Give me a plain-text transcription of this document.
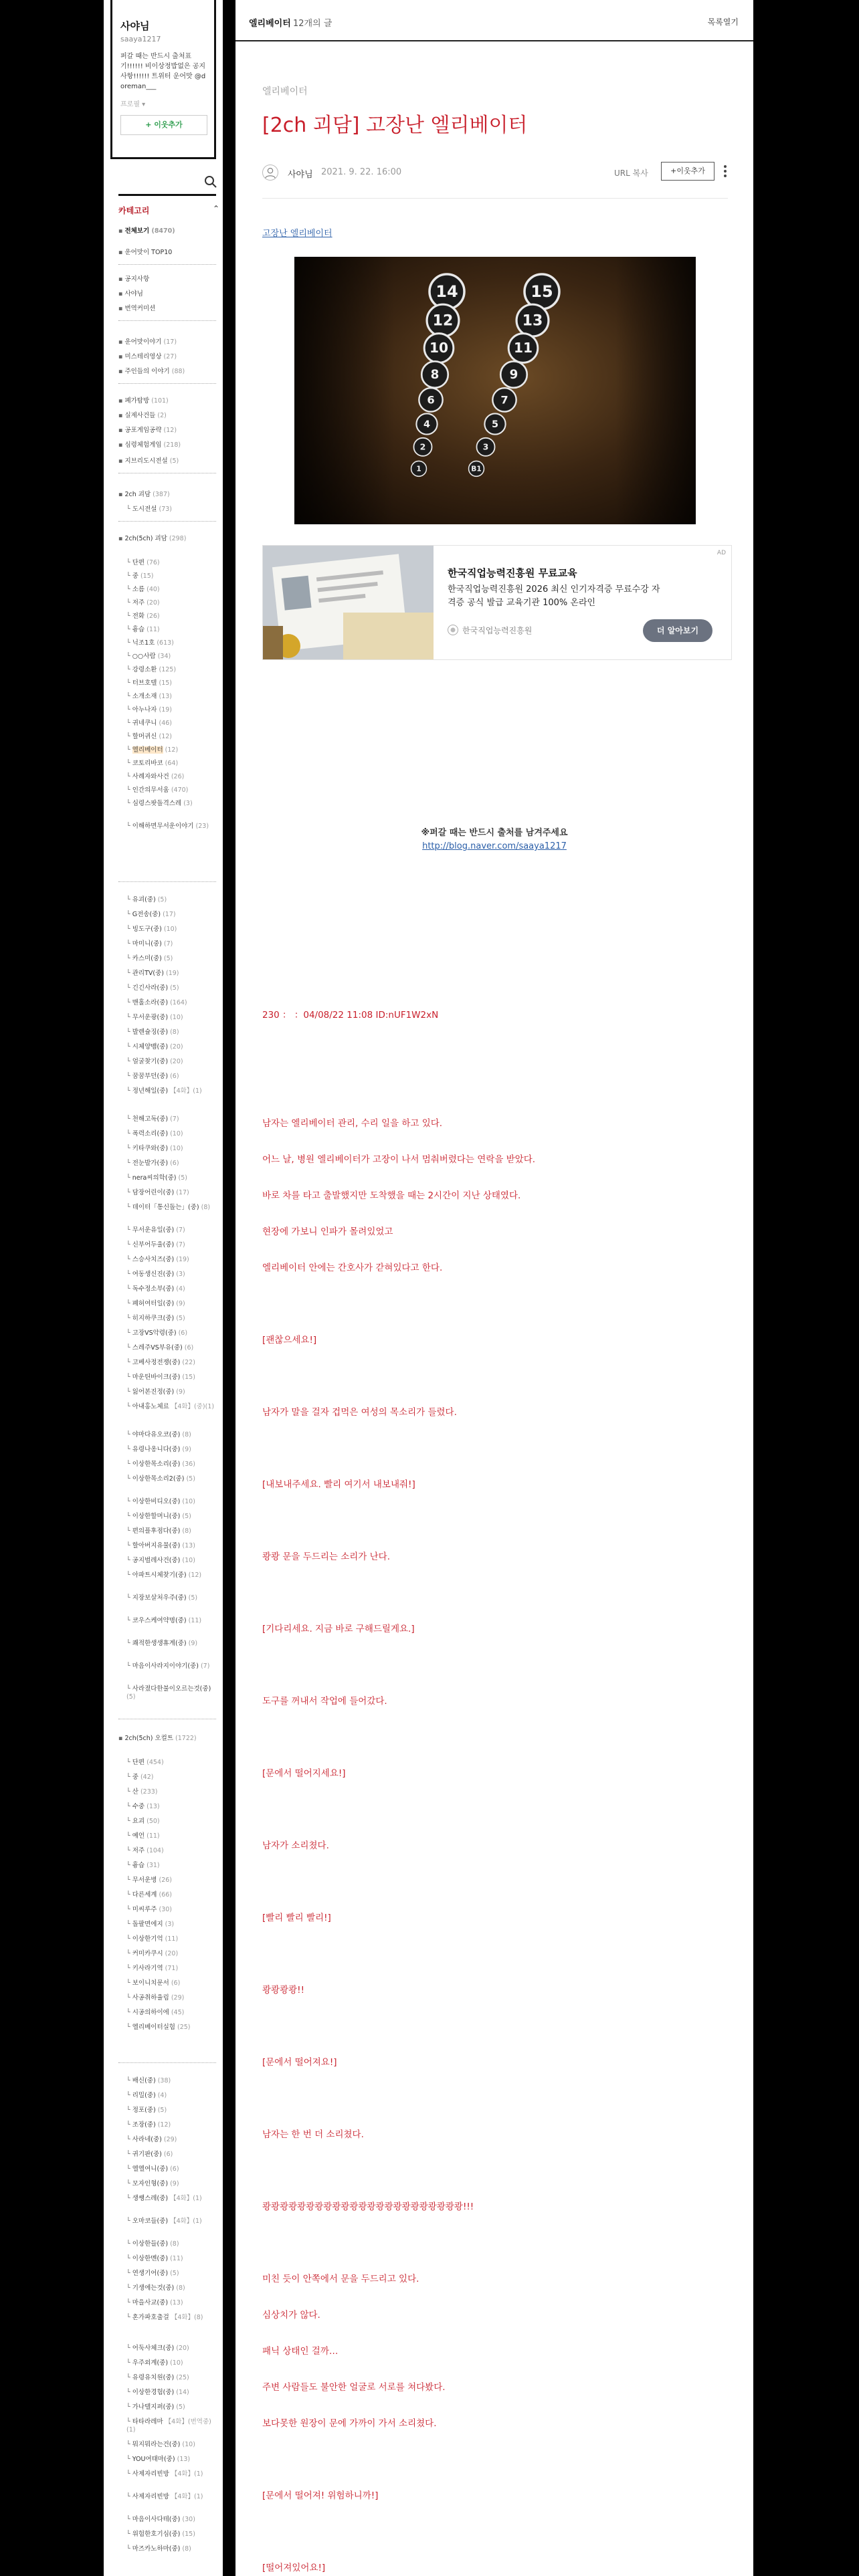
사야님
saaya1217
퍼갈 때는 반드시 출처표기!!!!!! 비이상정밥없은 공지사항!!!!!! 트위터 운어맛 @doreman___
프로필 ▾
+ 이웃추가
카테고리	⌃
▪ 전체보기 (8470)
▪ 운어맛이 TOP10
▪ 공지사항
▪ 사야님
▪ 번역커미션
▪ 운어맛이야기 (17)
▪ 미스테리영상 (27)
▪ 주인들의 이야기 (88)
▪ 폐가탐방 (101)
▪ 실제사건들 (2)
▪ 공포게임공략 (12)
▪ 심령체험게임 (218)
▪ 지브리도시전설 (5)
▪ 2ch 괴담 (387)
└ 도시전설 (73)
▪ 2ch(5ch) 괴담 (298)
└ 단편 (76)
└ 중 (15)
└ 소름 (40)
└ 저주 (20)
└ 전화 (26)
└ 흉습 (11)
└ 닉조1호 (613)
└ ○○사람 (34)
└ 강령소환 (125)
└ 터브호텔 (15)
└ 소개소재 (13)
└ 아누나자 (19)
└ 귀네쿠니 (46)
└ 할머귀신 (12)
└ 엘리베이터 (12)
└ 코토리바코 (64)
└ 사례자와사건 (26)
└ 인간의무서움 (470)
└ 심령스팟돌격스레 (3)
└ 이해하면무서운이야기 (23)
└ 유괴(중) (5)
└ G전송(중) (17)
└ 빙도구(중) (10)
└ 마미니(중) (7)
└ 카스미(중) (5)
└ 관리TV(중) (19)
└ 긴긴사라(중) (5)
└ 맨홀소라(중) (164)
└ 무서운광(중) (10)
└ 발렌슐징(중) (8)
└ 시체양뱀(중) (20)
└ 얼굴찾기(중) (20)
└ 꿈꿈부던(중) (6)
└ 정년해일(중) 【4화】(1)
└ 천해고독(중) (7)
└ 폭력소리(중) (10)
└ 키타쿠와(중) (10)
└ 전눈발가(중) (6)
└ nera씨의학(중) (5)
└ 담장어린이(중) (17)
└ 데이터「통신돌는」(중) (8)
└ 무서운유일(중) (7)
└ 신부어두울(중) (7)
└ 스승사치즈(중) (19)
└ 여동생신진(중) (3)
└ 독수정소부(중) (4)
└ 폐허여터일(중) (9)
└ 히지하쿠크(중) (5)
└ 고장VS악령(중) (6)
└ 스레주VS부유(중) (6)
└ 고베사정전쟁(중) (22)
└ 마운틴바이크(중) (15)
└ 잃어본진정(중) (9)
└ 아내홍노체료 【4화】(중)(1)
└ 야마다유오코(중) (8)
└ 유령나옹니다(중) (9)
└ 이상한목소리(중) (36)
└ 이상한목소리2(중) (5)
└ 이상한비디오(중) (10)
└ 이상한할머니(중) (5)
└ 편의플후점다(중) (8)
└ 할아버지유물(중) (13)
└ 공지벌레사건(중) (10)
└ 아파트시체찾기(중) (12)
└ 지장보살처우주(중) (5)
└ 코우스케여약명(중) (11)
└ 쾌적한생생휴계(중) (9)
└ 마음이사라지이야기(중) (7)
└ 사라졌다한불이오르는것(중) (5)
▪ 2ch(5ch) 오컬트 (1722)
└ 단편 (454)
└ 중 (42)
└ 산 (233)
└ 수중 (13)
└ 요괴 (50)
└ 예언 (11)
└ 저주 (104)
└ 흉습 (31)
└ 무서운병 (26)
└ 다른세계 (66)
└ 미씨루주 (30)
└ 돌팔면에지 (3)
└ 이상한기억 (11)
└ 커미카쿠시 (20)
└ 키사라기역 (71)
└ 보이니치문서 (6)
└ 사공취하율림 (29)
└ 시공의하이에 (45)
└ 엘리베이터실험 (25)
└ 배신(중) (38)
└ 리밀(중) (4)
└ 정포(중) (5)
└ 조장(중) (12)
└ 사라네(중) (29)
└ 귀기판(중) (6)
└ 엘엘여니(중) (6)
└ 모자인형(중) (9)
└ 생쌩스레(중) 【4화】(1)
└ 오마코들(중) 【4화】(1)
└ 이상한들(중) (8)
└ 이상한멘(중) (11)
└ 연생기어(중) (5)
└ 기생에는것(중) (8)
└ 마을사교(중) (13)
└ 혼가파호출걸 【4화】(8)
└ 어둑사체크(중) (20)
└ 우주외계(중) (10)
└ 유령유치원(중) (25)
└ 이상한경험(중) (14)
└ 가나텔지퍼(중) (5)
└ 타타라레마 【4화】(번역중)(1)
└ 뭐지뭐라는건(중) (10)
└ YOU여태마(중) (13)
└ 사제자리빈방 【4화】(1)
└ 사제자리빈방 【4화】(1)
└ 마음이사다테(중) (30)
└ 위험한호기심(중) (15)
└ 마즈카노하마(중) (8)
엘리베이터 12개의 글	목록열기
엘리베이터
[2ch 괴담] 고장난 엘리베이터
사야님 2021. 9. 22. 16:00	URL 복사	+이웃추가
고장난 엘리베이터
14	15
12	13
10	11
8	9
6	7
4	5
2	3
1	B1
AD
한국직업능력진흥원 무료교육
한국직업능력진흥원 2026 최신 인기자격증 무료수강 자격증 공식 발급 교육기관 100% 온라인
한국직업능력진흥원	더 알아보기
※퍼갈 때는 반드시 출처를 남겨주세요
http://blog.naver.com/saaya1217
230 ： ：04/08/22 11:08 ID:nUF1W2xN
남자는 엘리베이터 관리, 수리 일을 하고 있다.
어느 날, 병원 엘리베이터가 고장이 나서 멈춰버렸다는 연락을 받았다.
바로 차를 타고 출발했지만 도착했을 때는 2시간이 지난 상태였다.
현장에 가보니 인파가 몰려있었고
엘리베이터 안에는 간호사가 갇혀있다고 한다.
[괜찮으세요!]
남자가 말을 걸자 겁먹은 여성의 목소리가 들렸다.
[내보내주세요. 빨리 여기서 내보내줘!]
쾅쾅 문을 두드리는 소리가 난다.
[기다리세요. 지금 바로 구해드릴게요.]
도구를 꺼내서 작업에 들어갔다.
[문에서 떨어지세요!]
남자가 소리쳤다.
[빨리 빨리 빨리!]
쾅쾅쾅쾅!!
[문에서 떨어져요!]
남자는 한 번 더 소리쳤다.
쾅쾅쾅쾅쾅쾅쾅쾅쾅쾅쾅쾅쾅쾅쾅쾅쾅쾅쾅쾅쾅쾅쾅!!!
미친 듯이 안쪽에서 문을 두드리고 있다.
심상치가 않다.
패닉 상태인 걸까…
주변 사람들도 불안한 얼굴로 서로를 쳐다봤다.
보다못한 원장이 문에 가까이 가서 소리쳤다.
[문에서 떨어져! 위험하니까!]
[떨어져있어요!]
